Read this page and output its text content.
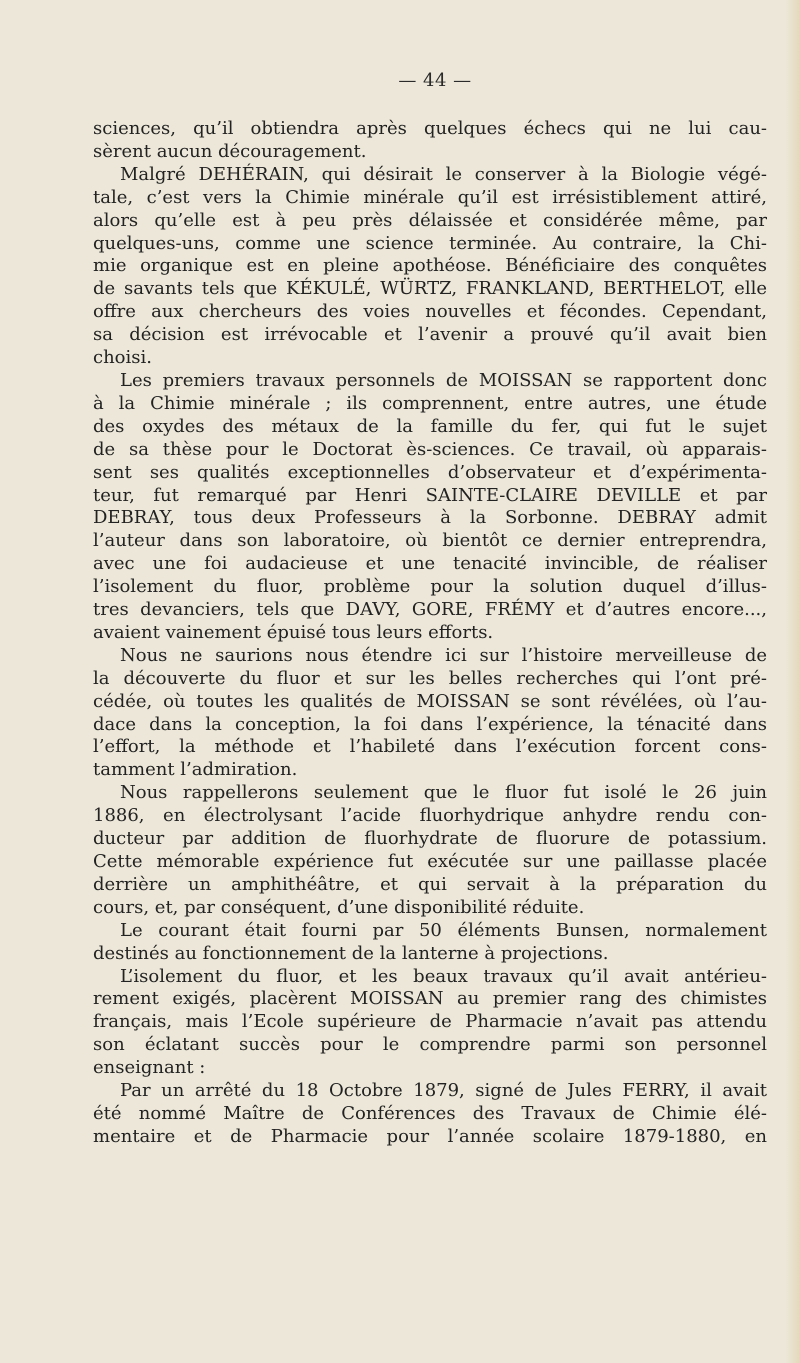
— 44 —
sciences, qu’il obtiendra après quelques échecs qui ne lui cau-
sèrent aucun découragement.
Malgré DEHÉRAIN, qui désirait le conserver à la Biologie végé-
tale, c’est vers la Chimie minérale qu’il est irrésistiblement attiré,
alors qu’elle est à peu près délaissée et considérée même, par
quelques-uns, comme une science terminée. Au contraire, la Chi-
mie organique est en pleine apothéose. Bénéficiaire des conquêtes
de savants tels que KÉKULÉ, WÜRTZ, FRANKLAND, BERTHELOT, elle
offre aux chercheurs des voies nouvelles et fécondes. Cependant,
sa décision est irrévocable et l’avenir a prouvé qu’il avait bien
choisi.
Les premiers travaux personnels de MOISSAN se rapportent donc
à la Chimie minérale ; ils comprennent, entre autres, une étude
des oxydes des métaux de la famille du fer, qui fut le sujet
de sa thèse pour le Doctorat ès-sciences. Ce travail, où apparais-
sent ses qualités exceptionnelles d’observateur et d’expérimenta-
teur, fut remarqué par Henri SAINTE-CLAIRE DEVILLE et par
DEBRAY, tous deux Professeurs à la Sorbonne. DEBRAY admit
l’auteur dans son laboratoire, où bientôt ce dernier entreprendra,
avec une foi audacieuse et une tenacité invincible, de réaliser
l’isolement du fluor, problème pour la solution duquel d’illus-
tres devanciers, tels que DAVY, GORE, FRÉMY et d’autres encore...,
avaient vainement épuisé tous leurs efforts.
Nous ne saurions nous étendre ici sur l’histoire merveilleuse de
la découverte du fluor et sur les belles recherches qui l’ont pré-
cédée, où toutes les qualités de MOISSAN se sont révélées, où l’au-
dace dans la conception, la foi dans l’expérience, la ténacité dans
l’effort, la méthode et l’habileté dans l’exécution forcent cons-
tamment l’admiration.
Nous rappellerons seulement que le fluor fut isolé le 26 juin
1886, en électrolysant l’acide fluorhydrique anhydre rendu con-
ducteur par addition de fluorhydrate de fluorure de potassium.
Cette mémorable expérience fut exécutée sur une paillasse placée
derrière un amphithéâtre, et qui servait à la préparation du
cours, et, par conséquent, d’une disponibilité réduite.
Le courant était fourni par 50 éléments Bunsen, normalement
destinés au fonctionnement de la lanterne à projections.
L’isolement du fluor, et les beaux travaux qu’il avait antérieu-
rement exigés, placèrent MOISSAN au premier rang des chimistes
français, mais l’Ecole supérieure de Pharmacie n’avait pas attendu
son éclatant succès pour le comprendre parmi son personnel
enseignant :
Par un arrêté du 18 Octobre 1879, signé de Jules FERRY, il avait
été nommé Maître de Conférences des Travaux de Chimie élé-
mentaire et de Pharmacie pour l’année scolaire 1879-1880, en
